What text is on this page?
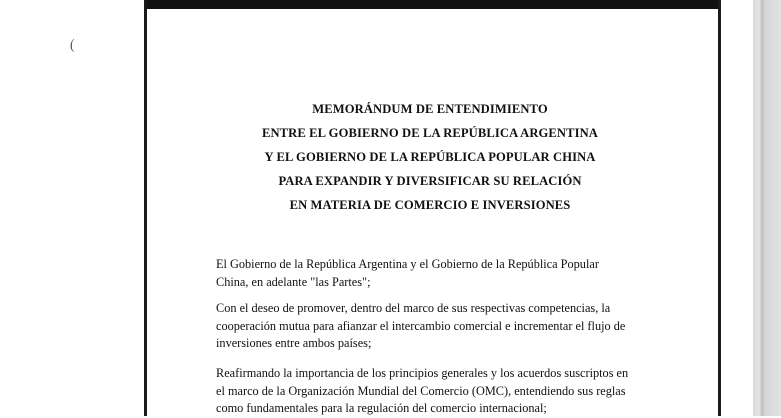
(
MEMORÁNDUM DE ENTENDIMIENTO
ENTRE EL GOBIERNO DE LA REPÚBLICA ARGENTINA
Y EL GOBIERNO DE LA REPÚBLICA POPULAR CHINA
PARA EXPANDIR Y DIVERSIFICAR SU RELACIÓN
EN MATERIA DE COMERCIO E INVERSIONES
El Gobierno de la República Argentina y el Gobierno de la República Popular
China, en adelante "las Partes";
Con el deseo de promover, dentro del marco de sus respectivas competencias, la
cooperación mutua para afianzar el intercambio comercial e incrementar el flujo de
inversiones entre ambos países;
Reafirmando la importancia de los principios generales y los acuerdos suscriptos en
el marco de la Organización Mundial del Comercio (OMC), entendiendo sus reglas
como fundamentales para la regulación del comercio internacional;
